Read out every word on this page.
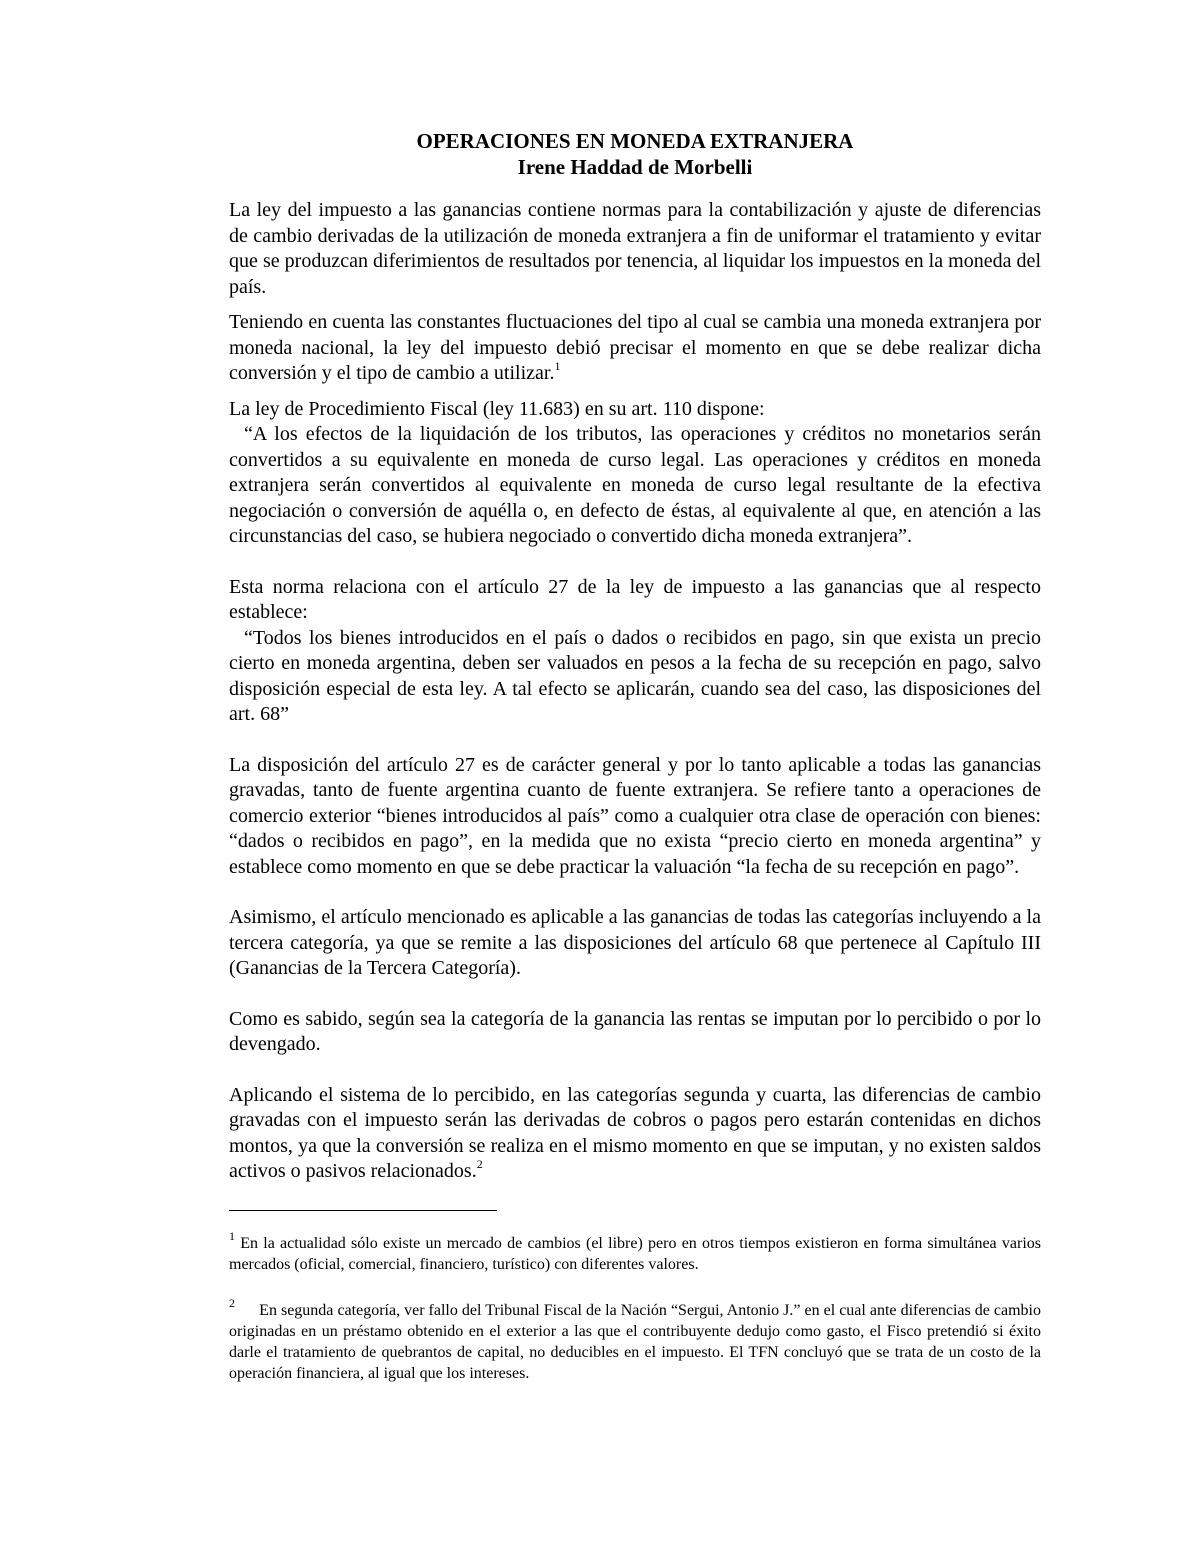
OPERACIONES EN MONEDA EXTRANJERA
Irene Haddad de Morbelli

La ley del impuesto a las ganancias contiene normas para la contabilización y ajuste de diferencias de cambio derivadas de la utilización de moneda extranjera a fin de uniformar el tratamiento y evitar que se produzcan diferimientos de resultados por tenencia, al liquidar los impuestos en la moneda del país.

Teniendo en cuenta las constantes fluctuaciones del tipo al cual se cambia una moneda extranjera por moneda nacional, la ley del impuesto debió precisar el momento en que se debe realizar dicha conversión y el tipo de cambio a utilizar.$^1$

La ley de Procedimiento Fiscal (ley 11.683) en su art. 110 dispone:

“A los efectos de la liquidación de los tributos, las operaciones y créditos no monetarios serán convertidos a su equivalente en moneda de curso legal. Las operaciones y créditos en moneda extranjera serán convertidos al equivalente en moneda de curso legal resultante de la efectiva negociación o conversión de aquélla o, en defecto de éstas, al equivalente al que, en atención a las circunstancias del caso, se hubiera negociado o convertido dicha moneda extranjera”.

Esta norma relaciona con el artículo 27 de la ley de impuesto a las ganancias que al respecto establece:

“Todos los bienes introducidos en el país o dados o recibidos en pago, sin que exista un precio cierto en moneda argentina, deben ser valuados en pesos a la fecha de su recepción en pago, salvo disposición especial de esta ley. A tal efecto se aplicarán, cuando sea del caso, las disposiciones del art. 68”

La disposición del artículo 27 es de carácter general y por lo tanto aplicable a todas las ganancias gravadas, tanto de fuente argentina cuanto de fuente extranjera. Se refiere tanto a operaciones de comercio exterior “bienes introducidos al país” como a cualquier otra clase de operación con bienes: “dados o recibidos en pago”, en la medida que no exista “precio cierto en moneda argentina” y establece como momento en que se debe practicar la valuación “la fecha de su recepción en pago”.

Asimismo, el artículo mencionado es aplicable a las ganancias de todas las categorías incluyendo a la tercera categoría, ya que se remite a las disposiciones del artículo 68 que pertenece al Capítulo III (Ganancias de la Tercera Categoría).

Como es sabido, según sea la categoría de la ganancia las rentas se imputan por lo percibido o por lo devengado.

Aplicando el sistema de lo percibido, en las categorías segunda y cuarta, las diferencias de cambio gravadas con el impuesto serán las derivadas de cobros o pagos pero estarán contenidas en dichos montos, ya que la conversión se realiza en el mismo momento en que se imputan, y no existen saldos activos o pasivos relacionados.$^2$

$^1$ En la actualidad sólo existe un mercado de cambios (el libre) pero en otros tiempos existieron en forma simultánea varios mercados (oficial, comercial, financiero, turístico) con diferentes valores.

$^2$      En segunda categoría, ver fallo del Tribunal Fiscal de la Nación “Sergui, Antonio J.” en el cual ante diferencias de cambio originadas en un préstamo obtenido en el exterior a las que el contribuyente dedujo como gasto, el Fisco pretendió si éxito darle el tratamiento de quebrantos de capital, no deducibles en el impuesto. El TFN concluyó que se trata de un costo de la operación financiera, al igual que los intereses.
